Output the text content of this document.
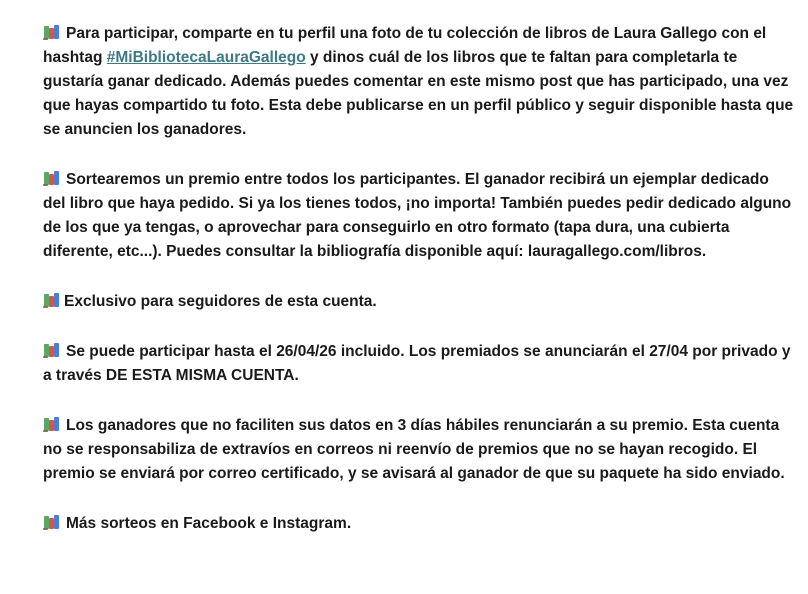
Para participar, comparte en tu perfil una foto de tu colección de libros de Laura Gallego con el hashtag #MiBibliotecaLauraGallego y dinos cuál de los libros que te faltan para completarla te gustaría ganar dedicado. Además puedes comentar en este mismo post que has participado, una vez que hayas compartido tu foto. Esta debe publicarse en un perfil público y seguir disponible hasta que se anuncien los ganadores.

Sortearemos un premio entre todos los participantes. El ganador recibirá un ejemplar dedicado del libro que haya pedido. Si ya los tienes todos, ¡no importa! También puedes pedir dedicado alguno de los que ya tengas, o aprovechar para conseguirlo en otro formato (tapa dura, una cubierta diferente, etc...). Puedes consultar la bibliografía disponible aquí: lauragallego.com/libros.

Exclusivo para seguidores de esta cuenta.

Se puede participar hasta el 26/04/26 incluido. Los premiados se anunciarán el 27/04 por privado y a través DE ESTA MISMA CUENTA.

Los ganadores que no faciliten sus datos en 3 días hábiles renunciarán a su premio. Esta cuenta no se responsabiliza de extravíos en correos ni reenvío de premios que no se hayan recogido. El premio se enviará por correo certificado, y se avisará al ganador de que su paquete ha sido enviado.

Más sorteos en Facebook e Instagram.
